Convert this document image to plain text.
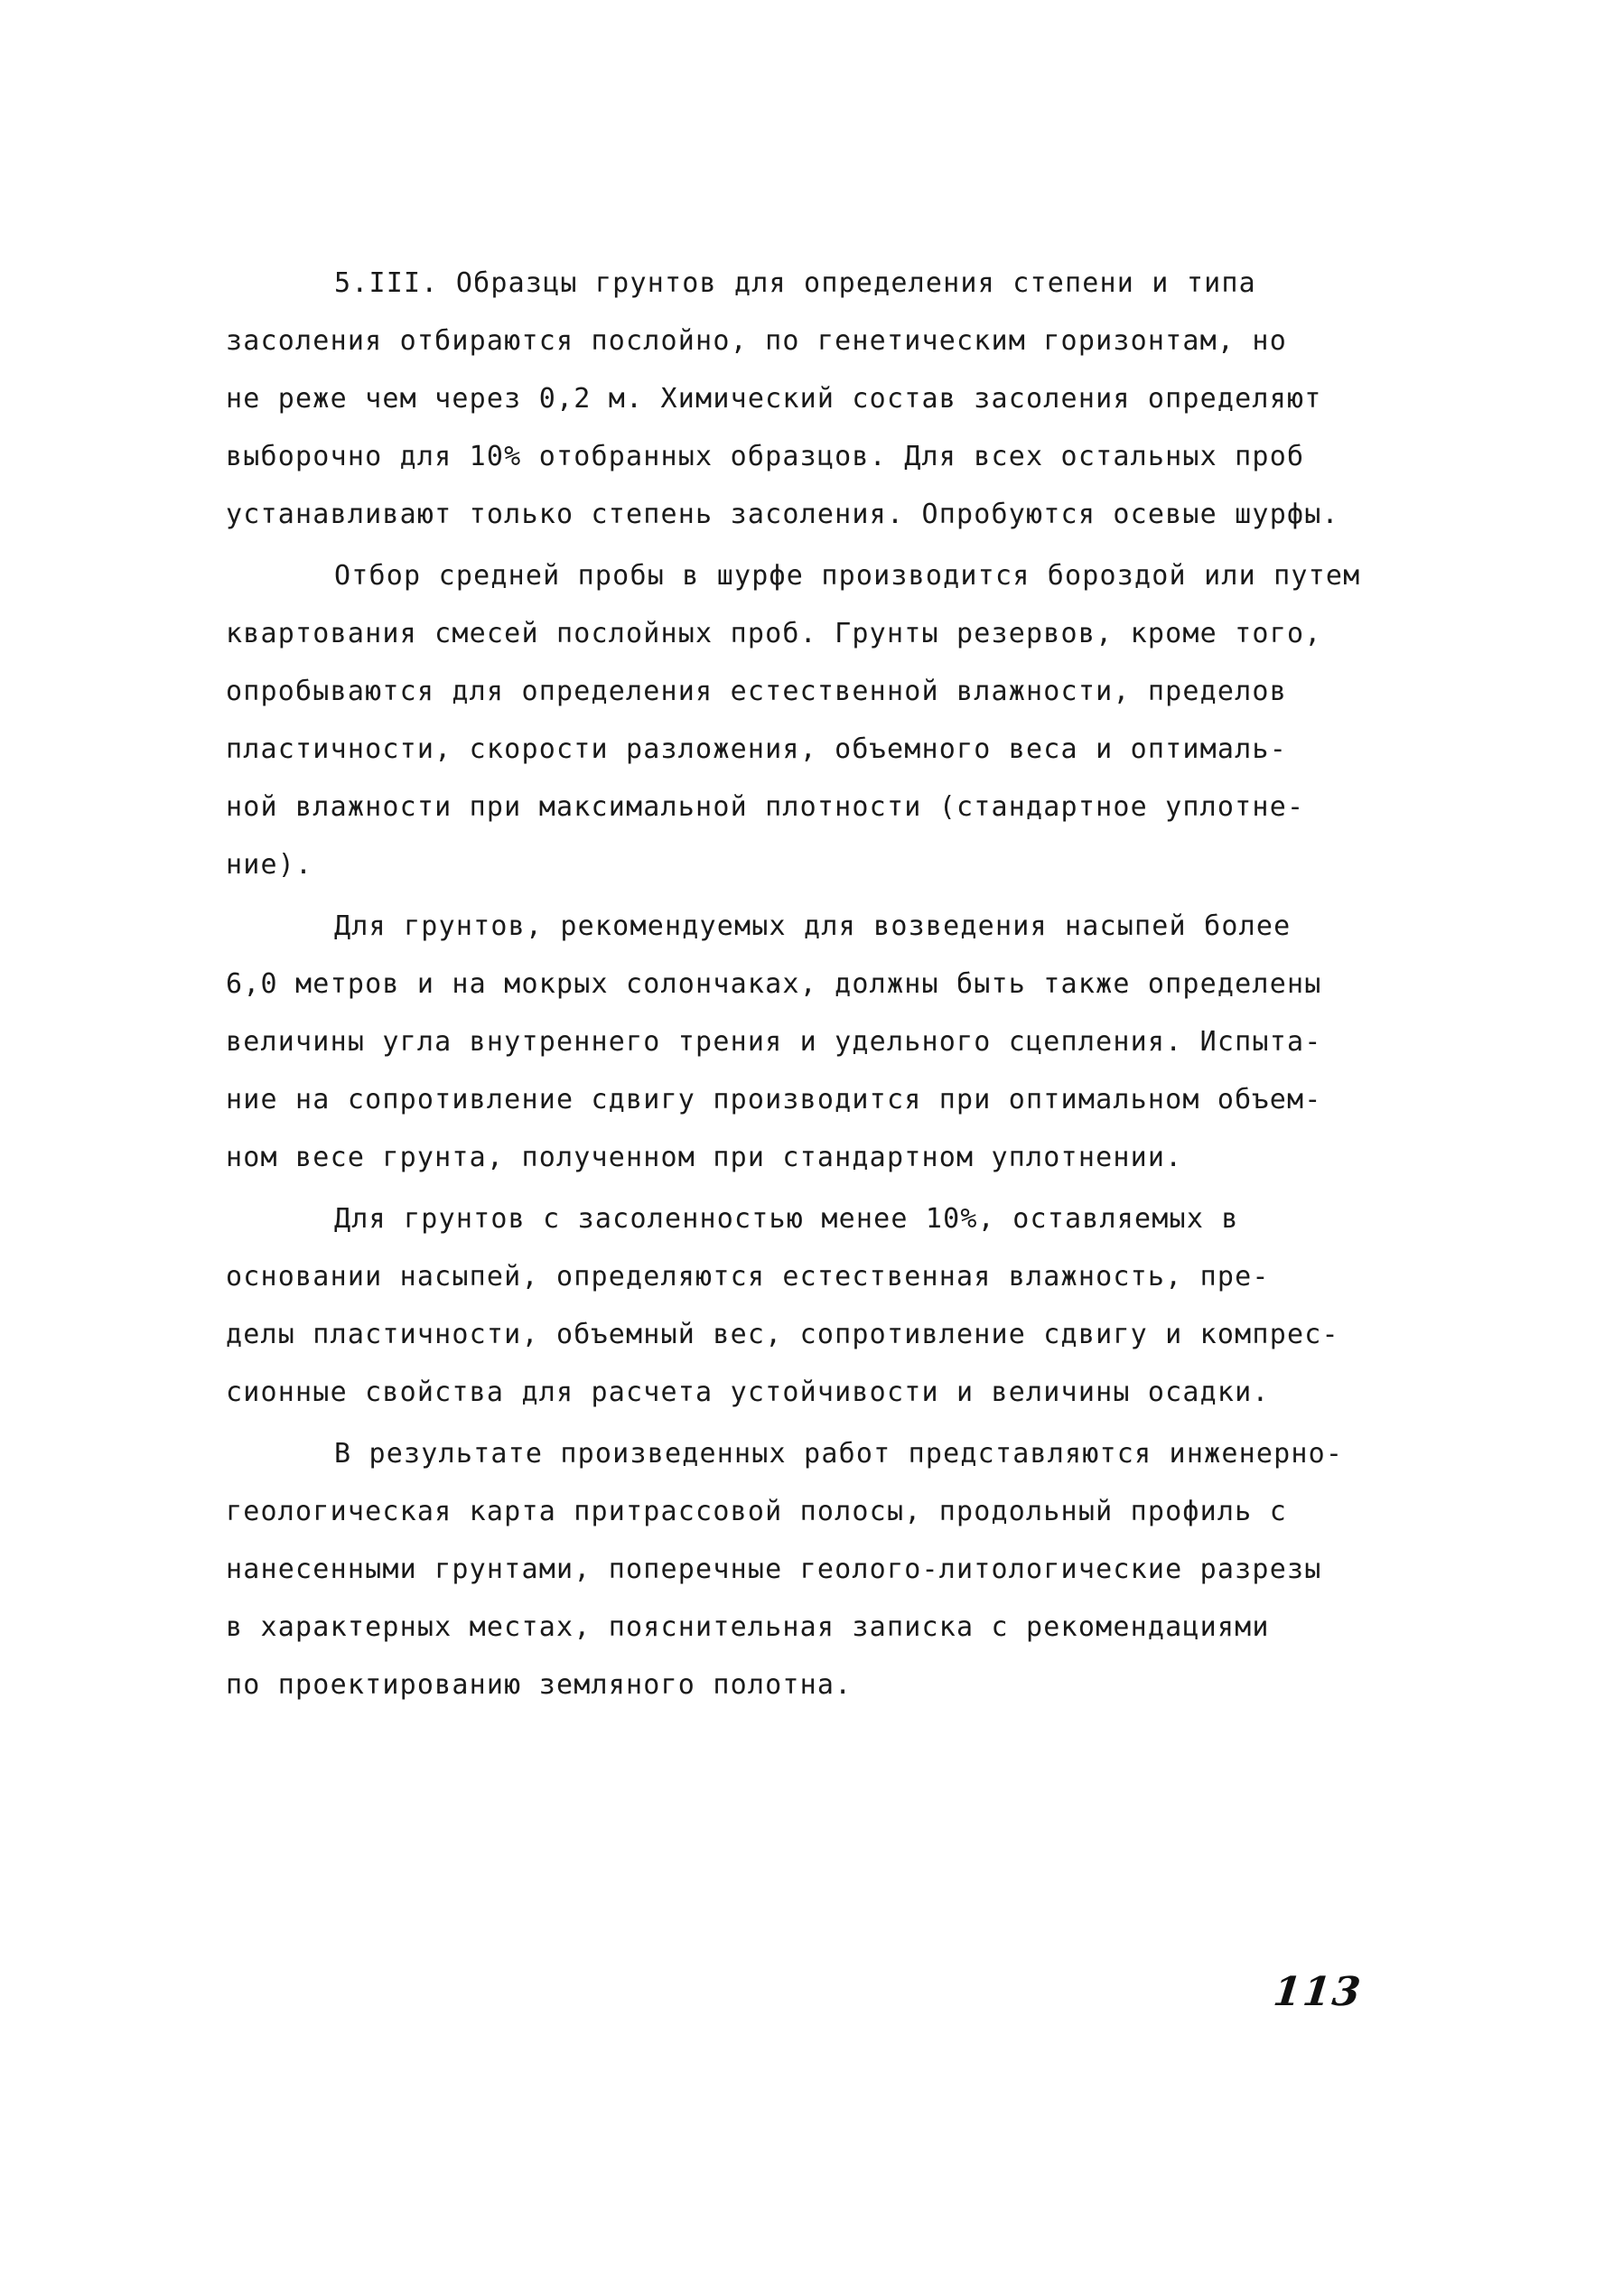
5.III. Образцы грунтов для определения степени и типа
засоления отбираются послойно, по генетическим горизонтам, но
не реже чем через 0,2 м. Химический состав засоления определяют
выборочно для 10% отобранных образцов. Для всех остальных проб
устанавливают только степень засоления. Опробуются осевые шурфы.
Отбор средней пробы в шурфе производится бороздой или путем
квартования смесей послойных проб. Грунты резервов, кроме того,
опробываются для определения естественной влажности, пределов
пластичности, скорости разложения, объемного веса и оптималь-
ной влажности при максимальной плотности (стандартное уплотне-
ние).
Для грунтов, рекомендуемых для возведения насыпей более
6,0 метров и на мокрых солончаках, должны быть также определены
величины угла внутреннего трения и удельного сцепления. Испыта-
ние на сопротивление сдвигу производится при оптимальном объем-
ном весе грунта, полученном при стандартном уплотнении.
Для грунтов с засоленностью менее 10%, оставляемых в
основании насыпей, определяются естественная влажность, пре-
делы пластичности, объемный вес, сопротивление сдвигу и компрес-
сионные свойства для расчета устойчивости и величины осадки.
В результате произведенных работ представляются инженерно-
геологическая карта притрассовой полосы, продольный профиль с
нанесенными грунтами, поперечные геолого-литологические разрезы
в характерных местах, пояснительная записка с рекомендациями
по проектированию земляного полотна.
113
